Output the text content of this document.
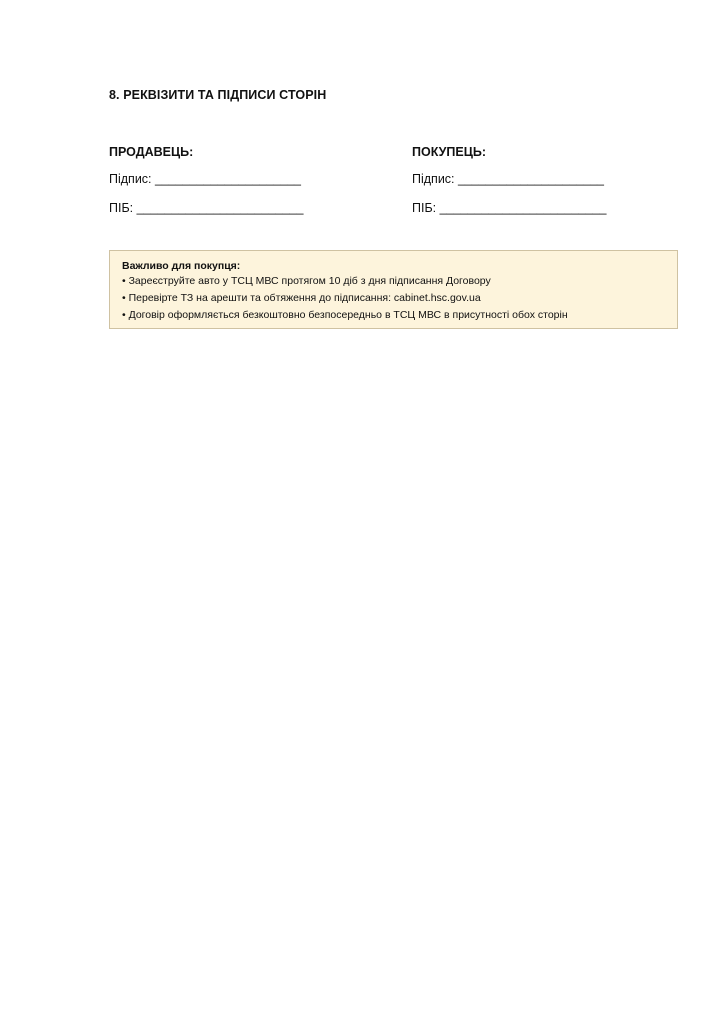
8. РЕКВІЗИТИ ТА ПІДПИСИ СТОРІН
ПРОДАВЕЦЬ:
Підпис: _____________________
ПІБ: ________________________
ПОКУПЕЦЬ:
Підпис: _____________________
ПІБ: ________________________
Важливо для покупця:
• Зареєструйте авто у ТСЦ МВС протягом 10 діб з дня підписання Договору
• Перевірте ТЗ на арешти та обтяження до підписання: cabinet.hsc.gov.ua
• Договір оформляється безкоштовно безпосередньо в ТСЦ МВС в присутності обох сторін
